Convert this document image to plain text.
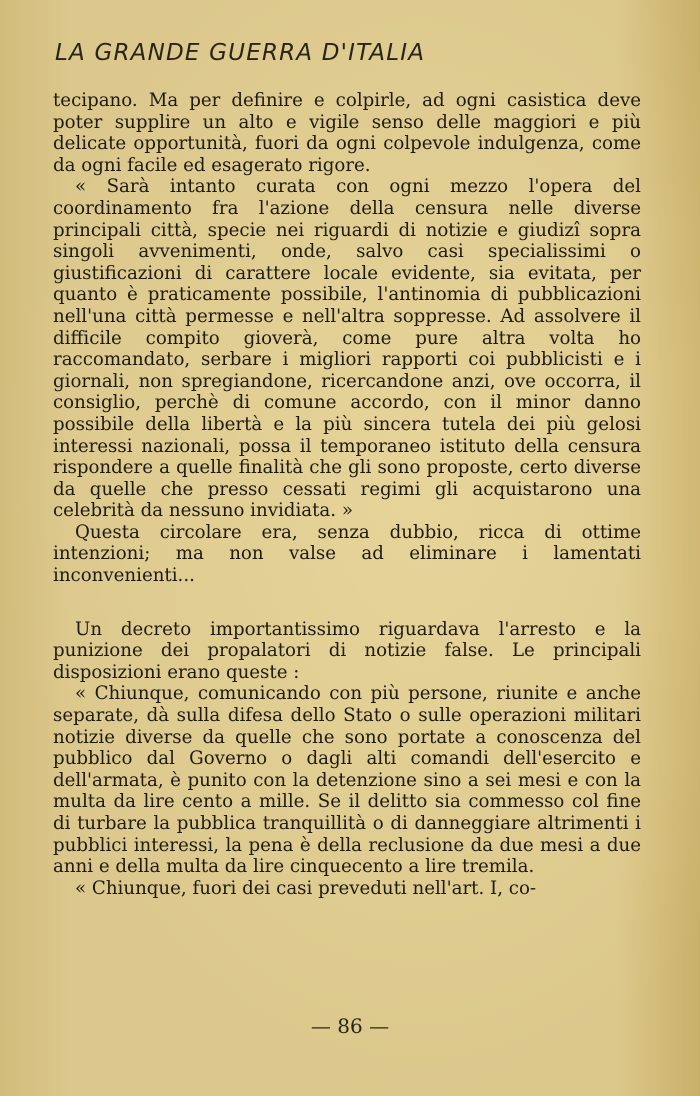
LA GRANDE GUERRA D'ITALIA

tecipano. Ma per definire e colpirle, ad ogni casistica deve poter supplire un alto e vigile senso delle maggiori e più delicate opportunità, fuori da ogni colpevole indulgenza, come da ogni facile ed esagerato rigore.

« Sarà intanto curata con ogni mezzo l'opera del coordinamento fra l'azione della censura nelle diverse principali città, specie nei riguardi di notizie e giudizî sopra singoli avvenimenti, onde, salvo casi specialissimi o giustificazioni di carattere locale evidente, sia evitata, per quanto è praticamente possibile, l'antinomia di pubblicazioni nell'una città permesse e nell'altra soppresse. Ad assolvere il difficile compito gioverà, come pure altra volta ho raccomandato, serbare i migliori rapporti coi pubblicisti e i giornali, non spregiandone, ricercandone anzi, ove occorra, il consiglio, perchè di comune accordo, con il minor danno possibile della libertà e la più sincera tutela dei più gelosi interessi nazionali, possa il temporaneo istituto della censura rispondere a quelle finalità che gli sono proposte, certo diverse da quelle che presso cessati regimi gli acquistarono una celebrità da nessuno invidiata. »

Questa circolare era, senza dubbio, ricca di ottime intenzioni; ma non valse ad eliminare i lamentati inconvenienti...

Un decreto importantissimo riguardava l'arresto e la punizione dei propalatori di notizie false. Le principali disposizioni erano queste :

« Chiunque, comunicando con più persone, riunite e anche separate, dà sulla difesa dello Stato o sulle operazioni militari notizie diverse da quelle che sono portate a conoscenza del pubblico dal Governo o dagli alti comandi dell'esercito e dell'armata, è punito con la detenzione sino a sei mesi e con la multa da lire cento a mille. Se il delitto sia commesso col fine di turbare la pubblica tranquillità o di danneggiare altrimenti i pubblici interessi, la pena è della reclusione da due mesi a due anni e della multa da lire cinquecento a lire tremila.

« Chiunque, fuori dei casi preveduti nell'art. I, co-

— 86 —
